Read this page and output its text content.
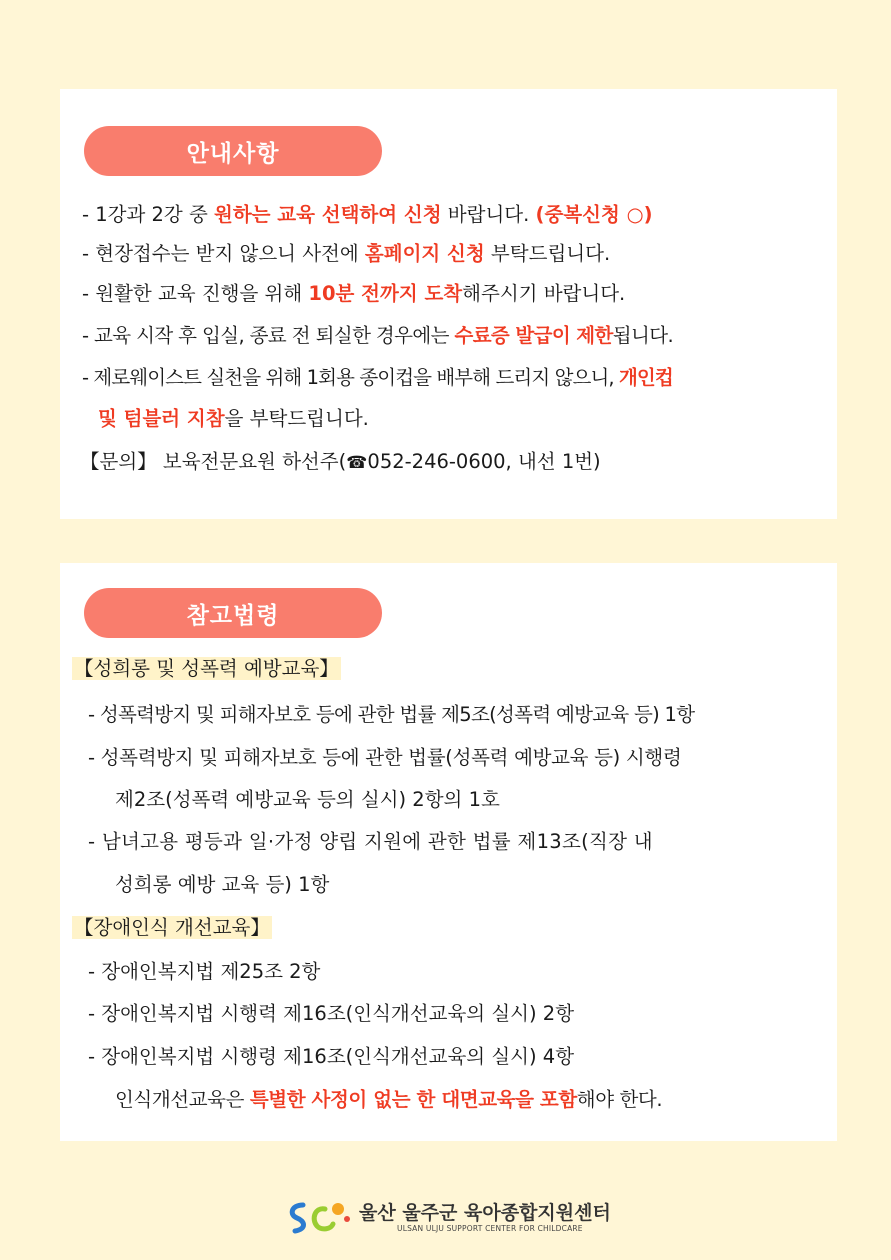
안내사항
- 1강과 2강 중 원하는 교육 선택하여 신청 바랍니다. (중복신청 ○)
- 현장접수는 받지 않으니 사전에 홈페이지 신청 부탁드립니다.
- 원활한 교육 진행을 위해 10분 전까지 도착해주시기 바랍니다.
- 교육 시작 후 입실, 종료 전 퇴실한 경우에는 수료증 발급이 제한됩니다.
- 제로웨이스트 실천을 위해 1회용 종이컵을 배부해 드리지 않으니, 개인컵
및 텀블러 지참을 부탁드립니다.
【문의】 보육전문요원 하선주(☎052-246-0600, 내선 1번)
참고법령
【성희롱 및 성폭력 예방교육】
- 성폭력방지 및 피해자보호 등에 관한 법률 제5조(성폭력 예방교육 등) 1항
- 성폭력방지 및 피해자보호 등에 관한 법률(성폭력 예방교육 등) 시행령
제2조(성폭력 예방교육 등의 실시) 2항의 1호
- 남녀고용 평등과 일·가정 양립 지원에 관한 법률 제13조(직장 내
성희롱 예방 교육 등) 1항
【장애인식 개선교육】
- 장애인복지법 제25조 2항
- 장애인복지법 시행력 제16조(인식개선교육의 실시) 2항
- 장애인복지법 시행령 제16조(인식개선교육의 실시) 4항
인식개선교육은 특별한 사정이 없는 한 대면교육을 포함해야 한다.
울산 울주군 육아종합지원센터
ULSAN ULJU SUPPORT CENTER FOR CHILDCARE
